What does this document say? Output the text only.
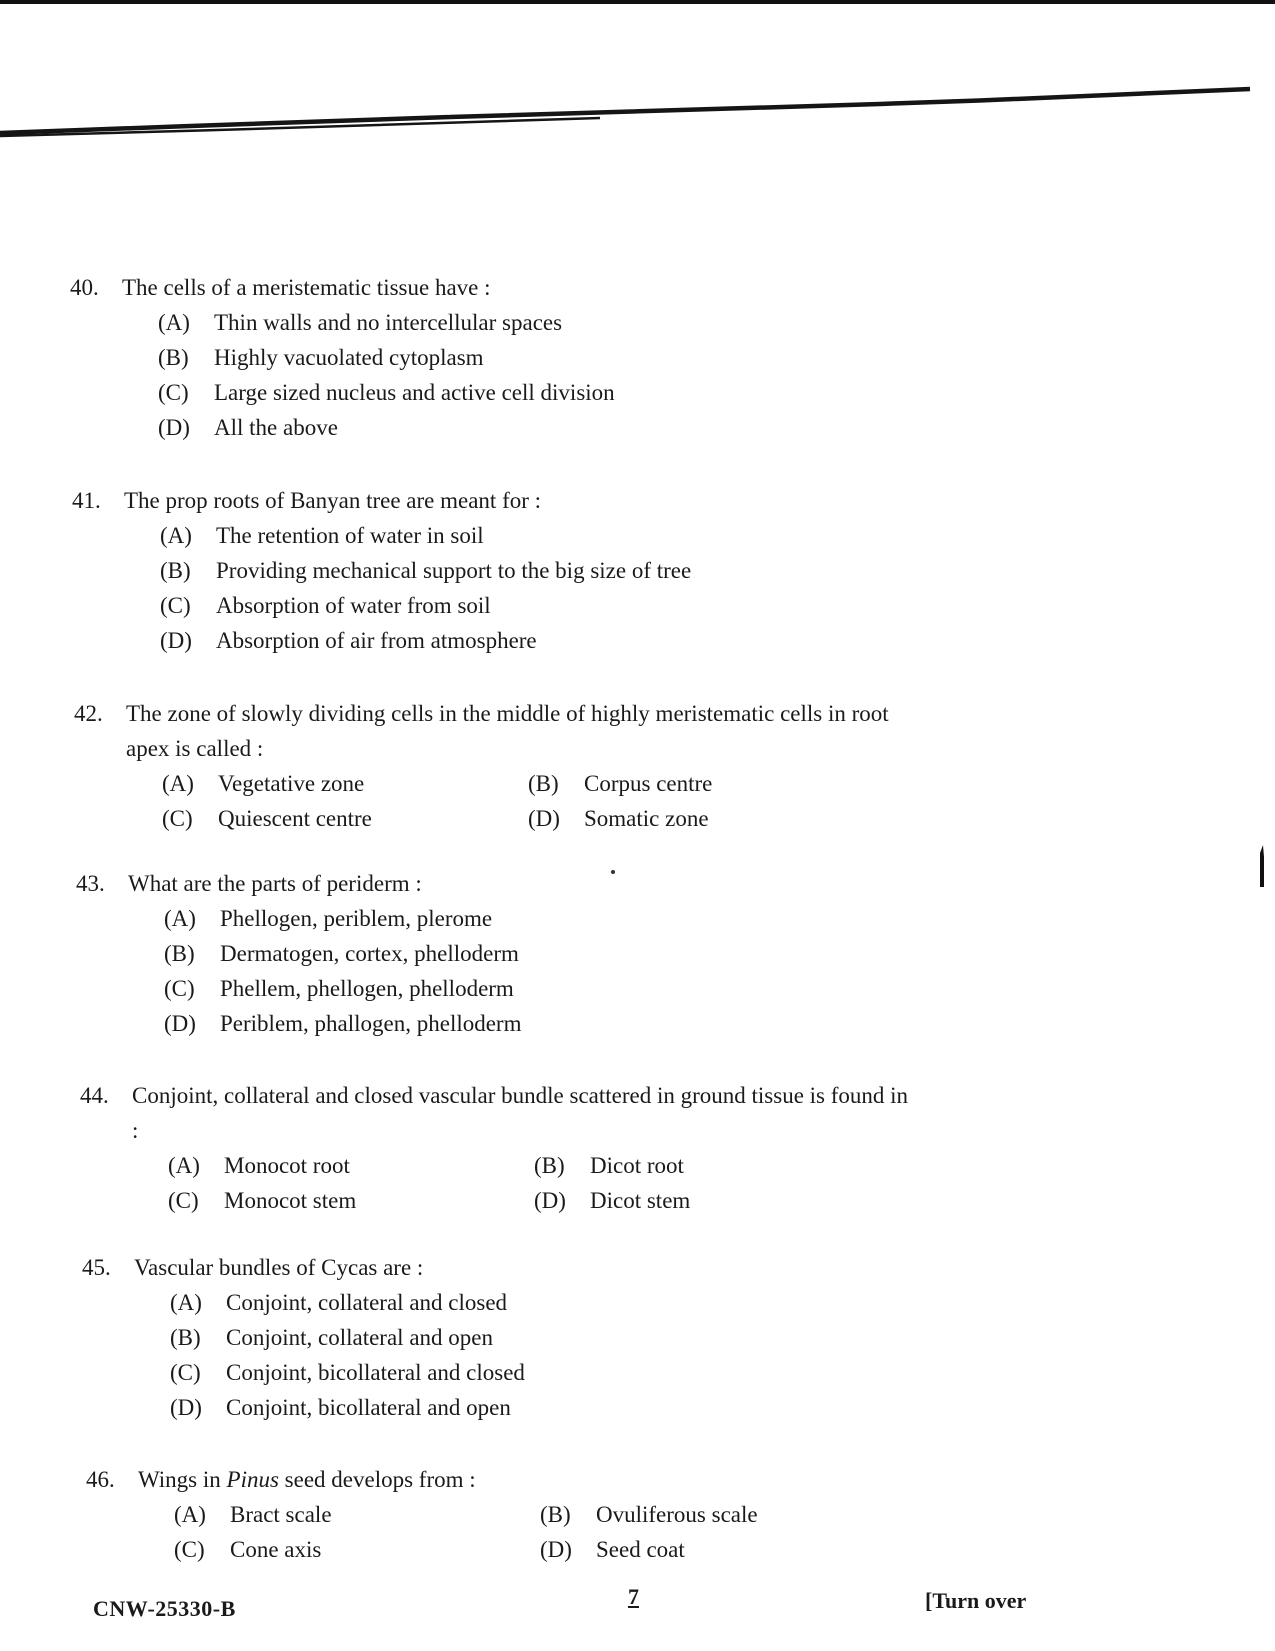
40.	The cells of a meristematic tissue have :
(A)	Thin walls and no intercellular spaces
(B)	Highly vacuolated cytoplasm
(C)	Large sized nucleus and active cell division
(D)	All the above
41.	The prop roots of Banyan tree are meant for :
(A)	The retention of water in soil
(B)	Providing mechanical support to the big size of tree
(C)	Absorption of water from soil
(D)	Absorption of air from atmosphere
42.	The zone of slowly dividing cells in the middle of highly meristematic cells in root apex is called :
(A)	Vegetative zone	(B)	Corpus centre
(C)	Quiescent centre	(D)	Somatic zone
43.	What are the parts of periderm :
(A)	Phellogen, periblem, plerome
(B)	Dermatogen, cortex, phelloderm
(C)	Phellem, phellogen, phelloderm
(D)	Periblem, phallogen, phelloderm
44.	Conjoint, collateral and closed vascular bundle scattered in ground tissue is found in :
(A)	Monocot root	(B)	Dicot root
(C)	Monocot stem	(D)	Dicot stem
45.	Vascular bundles of Cycas are :
(A)	Conjoint, collateral and closed
(B)	Conjoint, collateral and open
(C)	Conjoint, bicollateral and closed
(D)	Conjoint, bicollateral and open
46.	Wings in Pinus seed develops from :
(A)	Bract scale	(B)	Ovuliferous scale
(C)	Cone axis	(D)	Seed coat
CNW-25330-B	7	[Turn over
